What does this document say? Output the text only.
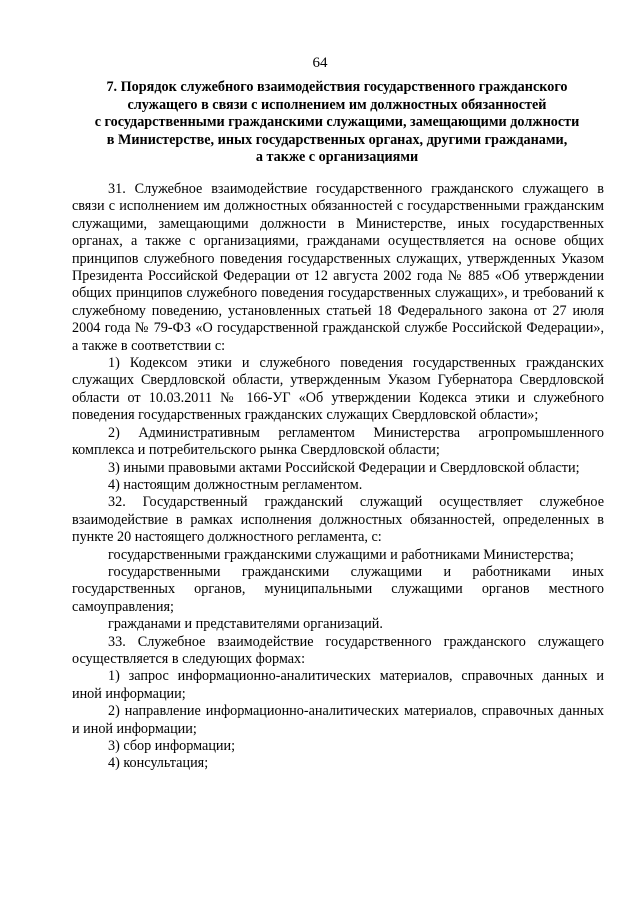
64
7. Порядок служебного взаимодействия государственного гражданского
служащего в связи с исполнением им должностных обязанностей
с государственными гражданскими служащими, замещающими должности
в Министерстве, иных государственных органах, другими гражданами,
а также с организациями

31. Служебное взаимодействие государственного гражданского служащего в связи с исполнением им должностных обязанностей с государственными гражданским служащими, замещающими должности в Министерстве, иных государственных органах, а также с организациями, гражданами осуществляется на основе общих принципов служебного поведения государственных служащих, утвержденных Указом Президента Российской Федерации от 12 августа 2002 года № 885 «Об утверждении общих принципов служебного поведения государственных служащих», и требований к служебному поведению, установленных статьей 18 Федерального закона от 27 июля 2004 года № 79-ФЗ «О государственной гражданской службе Российской Федерации», а также в соответствии с:

1) Кодексом этики и служебного поведения государственных гражданских служащих Свердловской области, утвержденным Указом Губернатора Свердловской области от 10.03.2011 № 166-УГ «Об утверждении Кодекса этики и служебного поведения государственных гражданских служащих Свердловской области»;

2) Административным регламентом Министерства агропромышленного комплекса и потребительского рынка Свердловской области;

3) иными правовыми актами Российской Федерации и Свердловской области;

4) настоящим должностным регламентом.

32. Государственный гражданский служащий осуществляет служебное взаимодействие в рамках исполнения должностных обязанностей, определенных в пункте 20 настоящего должностного регламента, с:

государственными гражданскими служащими и работниками Министерства;

государственными гражданскими служащими и работниками иных государственных органов, муниципальными служащими органов местного самоуправления;

гражданами и представителями организаций.

33. Служебное взаимодействие государственного гражданского служащего осуществляется в следующих формах:

1) запрос информационно-аналитических материалов, справочных данных и иной информации;

2) направление информационно-аналитических материалов, справочных данных и иной информации;

3) сбор информации;

4) консультация;
